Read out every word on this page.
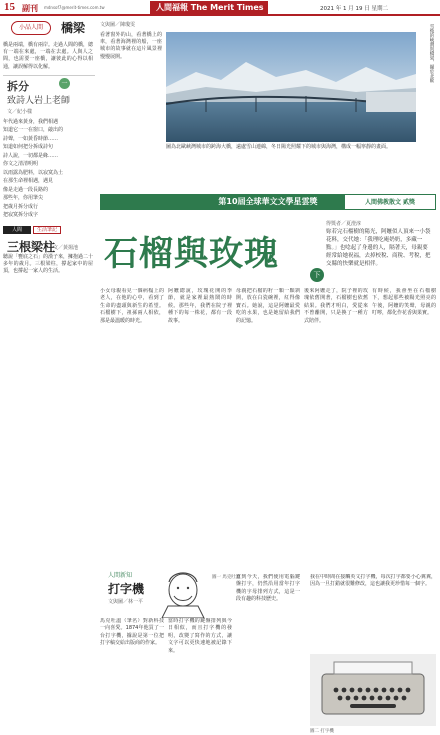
15 副刊 mdnsof7@merit-times.com.tw	人間福報 The Merit Times	2021 年 1 月 19 日 星期二
小品人間	橋梁
橋是兩端，橋有兩岸。走過人間的橋，總有一端在來處，一端在去處。人與人之間，也需要一座橋，讓彼此的心得以相通，讓誤解得以化解。
拆分	一
致詩人岩上老師
文／紀小樣
年代過來黃身，我們相遇
知道它一一在窗口，敲出的
詩聲，一如黃昏時節……
知道如何把分拆成詩句
詩人說，一切都是緣……
你文之清清明明
以雨露為肥料，以寂寞為土
在那生命裡相遇，遇見
像是走過一段長路的
那些年，你用筆尖
把歲月拆分成行
把寂寞拆分成字
人間	生活筆記
三根梁柱
文／黃揚池
聽說「甕底之石」的漢子來，擁抱過二十多年的歲月。三根梁柱，撐起家中的屋頂，也撐起一家人的生活。
文與圖／陳瓊雯
看著窗外的山，看著橋上的車，看著海灣裡的船，一座城市的故事就在這片風景裡慢慢展開。	雪後的峽灣與橋梁，攝於北歐
圖為北歐峽灣城市的跨海大橋，遠處雪山連綿，冬日陽光照耀下的城市與海灣，構成一幅寧靜的畫面。
第10屆全球華文文學星雲獎	人間佛教散文 貳獎
石榴與玫瑰
下
得獎者／夏澄淳
妳若完石榴樹的陽光，阿嬤似人頂來一小袋花料，交代她：「我理吃庵奶奶，多藏一點。」也唸起了身邊的人，隔著天，母親要經常給她祝福，去掉校稅、商稅、考稅，把交縣的快樂就是相伴。
小女母親看見一個病榻上的老人，在他的心中，看到了生命的盡頭與新生的希望。石榴樹下，祖孫兩人相依，那是最溫暖的時光。
阿嬤總說，玫瑰花開的季節，就是家裡最熱鬧的時候。那些年，我們在院子裡種下的每一株花，都有一段故事。
母親把石榴的籽一顆一顆剝開，放在白瓷碗裡，紅得像寶石。她說，這是阿嬤最愛吃的水果，也是她留給我們的記憶。
後來阿嬤走了，院子裡的玫瑰依舊開著，石榴樹也依舊結果。我們才明白，愛從來不曾離開，只是換了一種方式陪伴。
有時候，我會坐在石榴樹下，想起那些被陽光照亮的午後，阿嬤的笑聲，母親的叮嚀，都化作花香與果實。
人間新知
打字機
文與圖／林一平
圖一 馬克吐溫
馬克吐溫（筆名）對新科技一向喜愛。1874年他買了一台打字機，據說是第一位把打字稿交給出版商的作家。
當時打字機的鍵盤排列與今日相似，而且打字機的發明，改變了寫作的方式，讓文字可以更快速地被記錄下來。
直到今天，我們使用電腦鍵盤打字，仍然沿用當年打字機的字母排列方式，這是一段有趣的科技歷史。
我在中時間在接觸英文打字機，每次打字都要小心翼翼，因為一旦打錯就很難修改，這也讓我更珍惜每一個字。
圖二 打字機
